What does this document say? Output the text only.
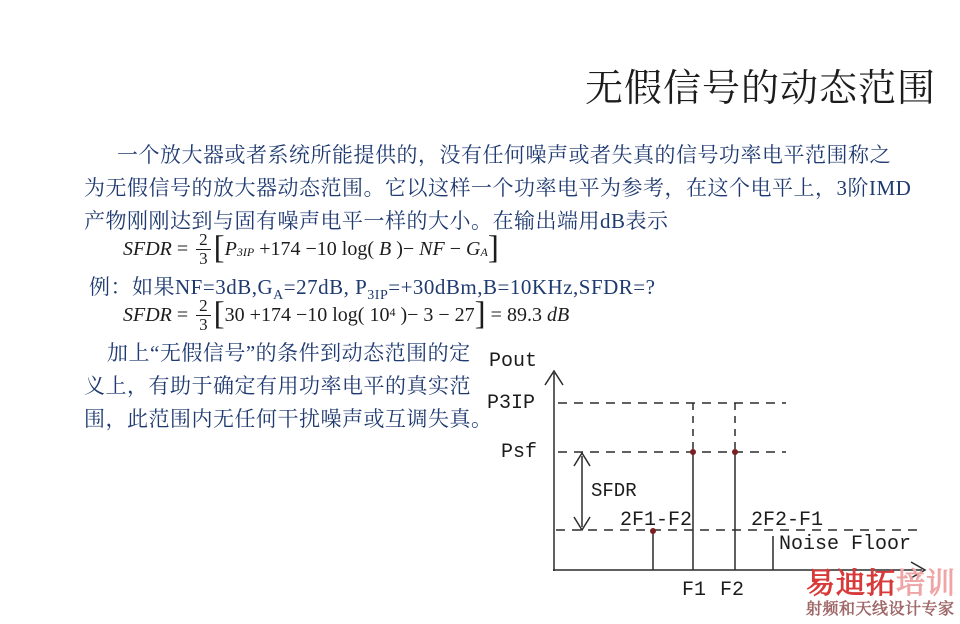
无假信号的动态范围
一个放大器或者系统所能提供的，没有任何噪声或者失真的信号功率电平范围称之
为无假信号的放大器动态范围。它以这样一个功率电平为参考，在这个电平上，3阶IMD
产物刚刚达到与固有噪声电平一样的大小。在输出端用dB表示
SFDR = $\frac{2}{3}$ [ P 3IP +174 −10 log( B )− NF − G A ]
例：如果$NF=3dB,G_A=27dB$, $P_{3IP}=+30dBm,B=10KHz,SFDR=$?
SFDR = $\frac{2}{3}$ [ 30 +174 −10 log( 10 4 )− 3 − 27 ] = 89.3 dB
加上“无假信号”的条件到动态范围的定
义上，有助于确定有用功率电平的真实范
围，此范围内无任何干扰噪声或互调失真。
Pout
P3IP
Psf
SFDR
2F1-F2	2F2-F1
Noise Floor
F1 F2 易迪拓培训
射频和天线设计专家
